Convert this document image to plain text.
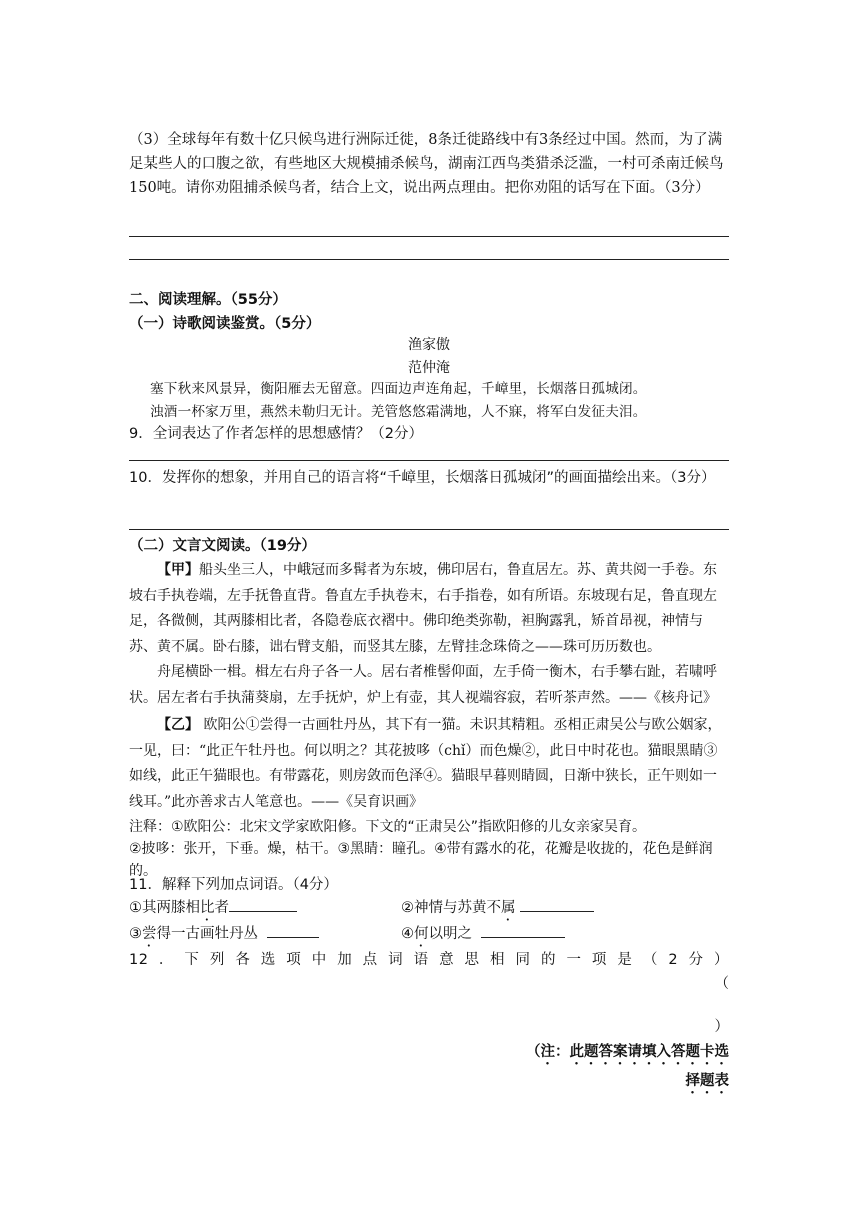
（3）全球每年有数十亿只候鸟进行洲际迁徙，8条迁徙路线中有3条经过中国。然而，为了满足某些人的口腹之欲，有些地区大规模捕杀候鸟，湖南江西鸟类猎杀泛滥，一村可杀南迁候鸟150吨。请你劝阻捕杀候鸟者，结合上文，说出两点理由。把你劝阻的话写在下面。（3分）

二、阅读理解。（55分）
（一）诗歌阅读鉴赏。（5分）
渔家傲
范仲淹
塞下秋来风景异，衡阳雁去无留意。四面边声连角起，千嶂里，长烟落日孤城闭。
浊酒一杯家万里，燕然未勒归无计。羌管悠悠霜满地，人不寐，将军白发征夫泪。
9．全词表达了作者怎样的思想感情？（2分）
10．发挥你的想象，并用自己的语言将“千嶂里，长烟落日孤城闭”的画面描绘出来。（3分）
（二）文言文阅读。（19分）

【甲】船头坐三人，中峨冠而多髯者为东坡，佛印居右，鲁直居左。苏、黄共阅一手卷。东坡右手执卷端，左手抚鲁直背。鲁直左手执卷末，右手指卷，如有所语。东坡现右足，鲁直现左足，各微侧，其两膝相比者，各隐卷底衣褶中。佛印绝类弥勒，袒胸露乳，矫首昂视，神情与苏、黄不属。卧右膝，诎右臂支船，而竖其左膝，左臂挂念珠倚之——珠可历历数也。

舟尾横卧一楫。楫左右舟子各一人。居右者椎髻仰面，左手倚一衡木，右手攀右趾，若啸呼状。居左者右手执蒲葵扇，左手抚炉，炉上有壶，其人视端容寂，若听茶声然。——《核舟记》

【乙】 欧阳公①尝得一古画牡丹丛，其下有一猫。未识其精粗。丞相正肃吴公与欧公姻家，一见，曰：“此正午牡丹也。何以明之？其花披哆（chǐ）而色燥②，此日中时花也。猫眼黑睛③如线，此正午猫眼也。有带露花，则房敛而色泽④。猫眼早暮则睛圆，日渐中狭长，正午则如一线耳。”此亦善求古人笔意也。——《吴育识画》

注释：①欧阳公：北宋文学家欧阳修。下文的“正肃吴公”指欧阳修的儿女亲家吴育。
②披哆：张开，下垂。燥，枯干。③黑睛：瞳孔。④带有露水的花，花瓣是收拢的，花色是鲜润的。
11．解释下列加点词语。（4分）
①其两膝相比者	②神情与苏黄不属
③尝得一古画牡丹丛	④何以明之
12．下列各选项中加点词语意思相同的一项是（2分）
（
）
（注：此题答案请填入答题卡选
择题表
